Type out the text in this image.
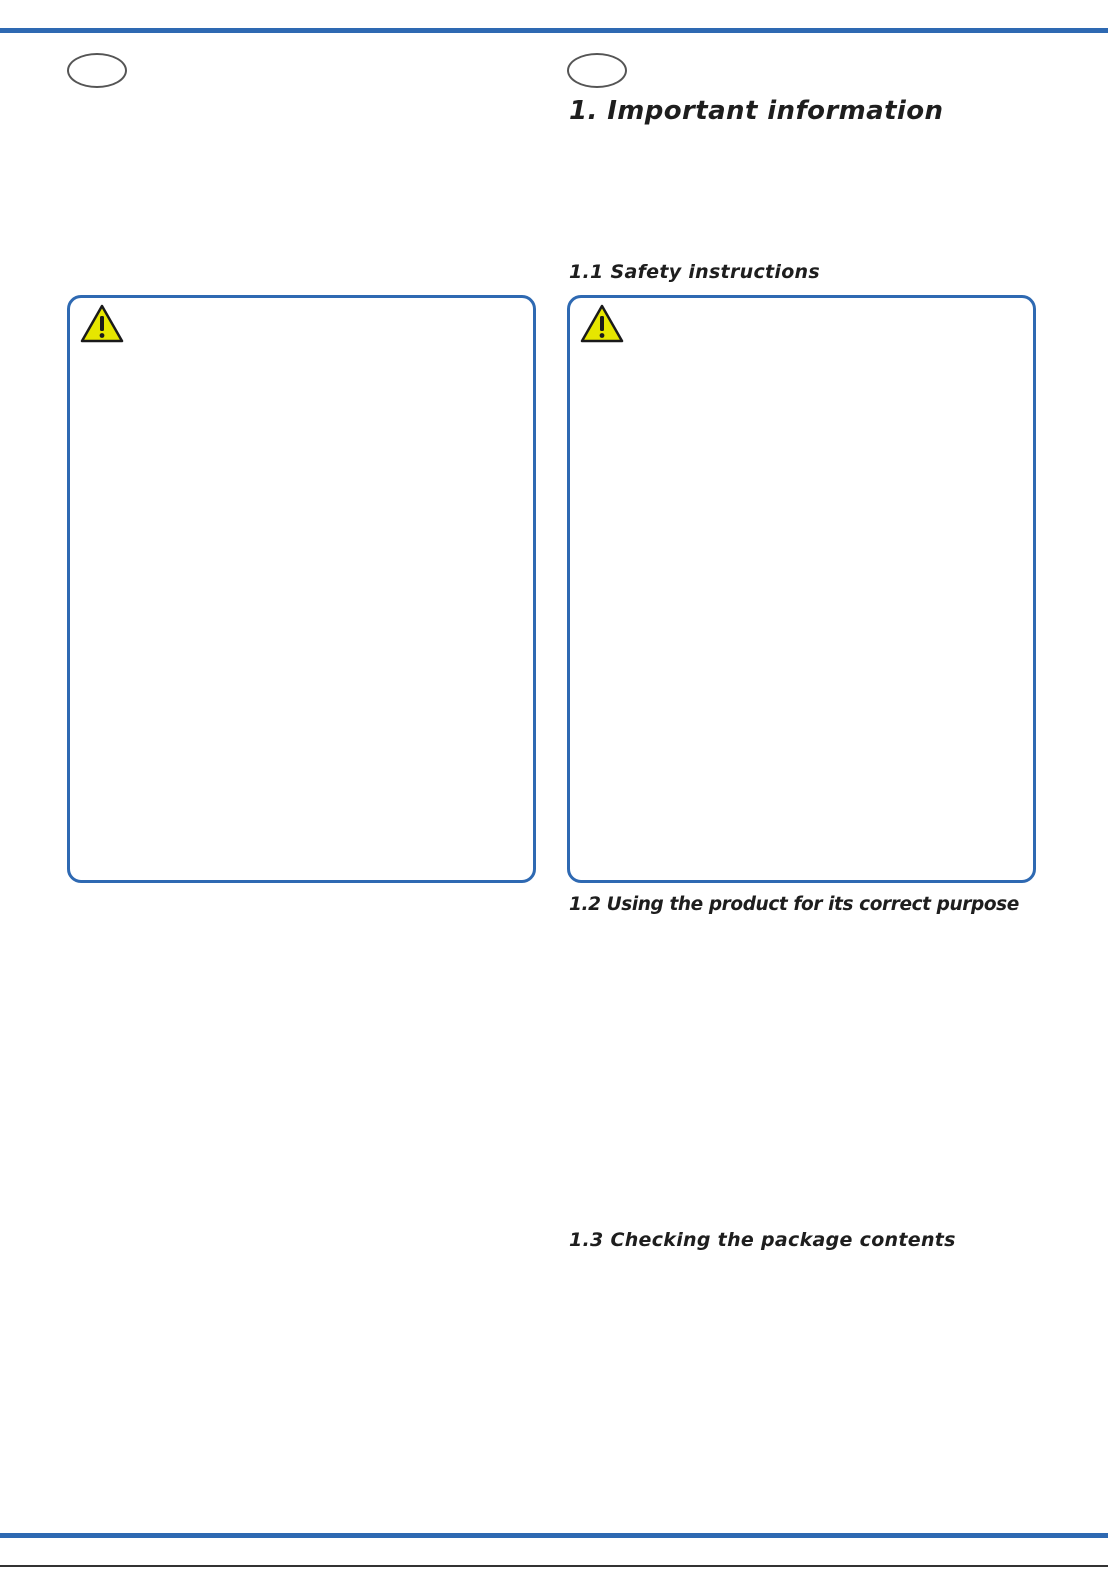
1. Important information
1.1 Safety instructions
1.2 Using the product for its correct purpose
1.3 Checking the package contents
